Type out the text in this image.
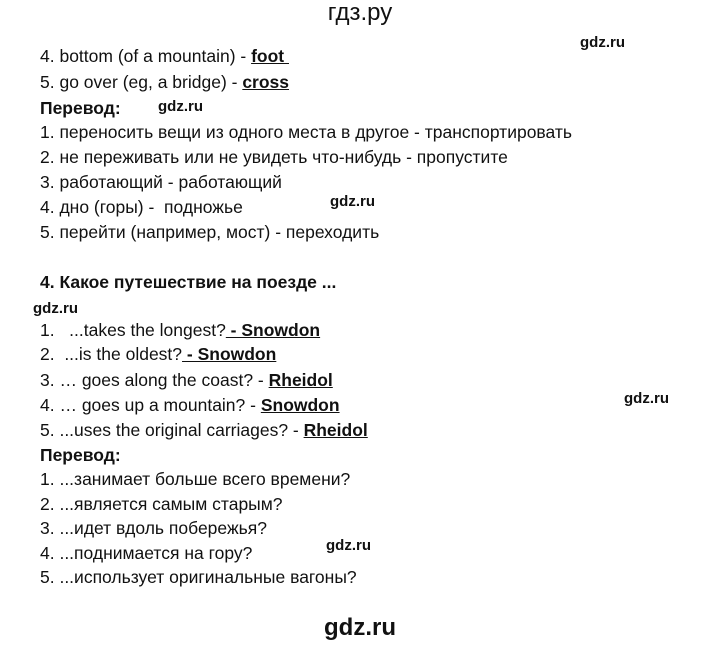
гдз.ру
gdz.ru
4. bottom (of a mountain) - foot
5. go over (eg, a bridge) - cross
Перевод: gdz.ru
1. переносить вещи из одного места в другое - транспортировать
2. не переживать или не увидеть что-нибудь - пропустите
3. работающий - работающий
4. дно (горы) -  подножье	gdz.ru
5. перейти (например, мост) - переходить
4. Какое путешествие на поезде ...
gdz.ru
1.   ...takes the longest? - Snowdon
2.  ...is the oldest? - Snowdon
3. … goes along the coast? - Rheidol
4. … goes up a mountain? - Snowdon	gdz.ru
5. ...uses the original carriages? - Rheidol
Перевод:
1. ...занимает больше всего времени?
2. ...является самым старым?
3. ...идет вдоль побережья?
4. ...поднимается на гору?	gdz.ru
5. ...использует оригинальные вагоны?
gdz.ru
